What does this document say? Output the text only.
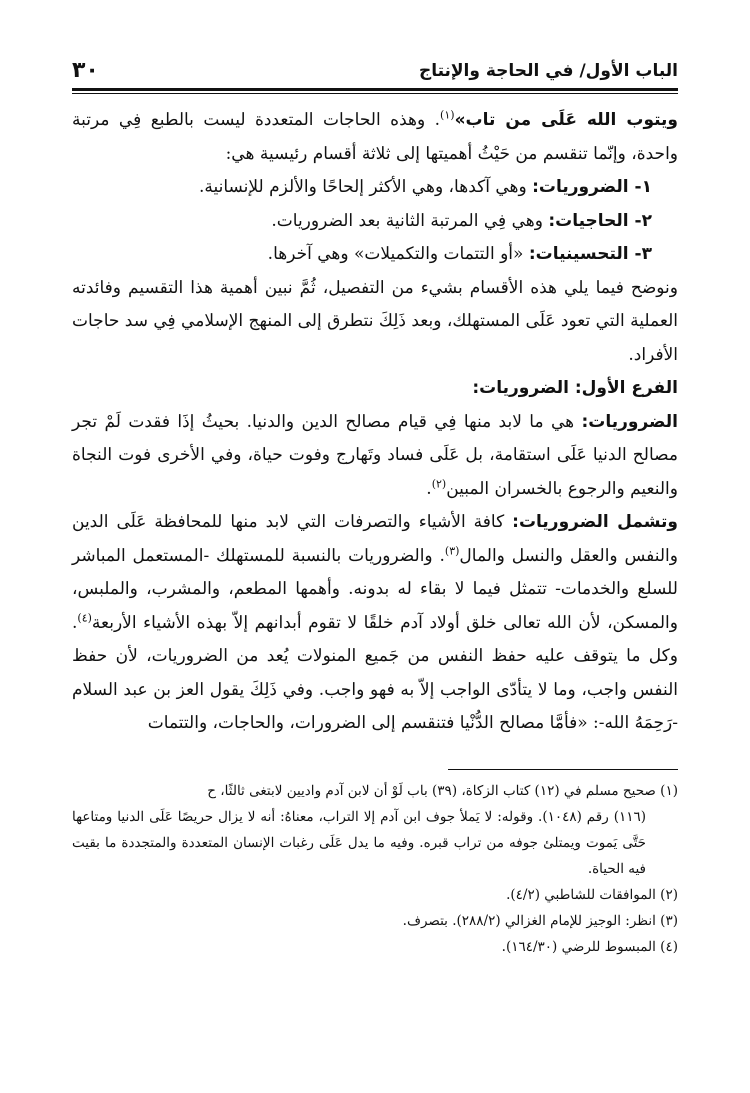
الباب الأول/ في الحاجة والإنتاج
٣٠

ويتوب الله عَلَى من تاب»$^{(١)}$. وهذه الحاجات المتعددة ليست بالطبع فِي مرتبة واحدة، وإنّما تنقسم من حَيْثُ أهميتها إلى ثلاثة أقسام رئيسية هي:

١- الضروريات: وهي آكدها، وهي الأكثر إلحاحًا والألزم للإنسانية.

٢- الحاجيات: وهي فِي المرتبة الثانية بعد الضروريات.

٣- التحسينيات: «أو التتمات والتكميلات» وهي آخرها.

ونوضح فيما يلي هذه الأقسام بشيء من التفصيل، ثُمَّ نبين أهمية هذا التقسيم وفائدته العملية التي تعود عَلَى المستهلك، وبعد ذَلِكَ نتطرق إلى المنهج الإسلامي فِي سد حاجات الأفراد.

الفرع الأول: الضروريات:

الضروريات: هي ما لابد منها فِي قيام مصالح الدين والدنيا. بحيثُ إذَا فقدت لَمْ تجر مصالح الدنيا عَلَى استقامة، بل عَلَى فساد وتَهارج وفوت حياة، وفي الأخرى فوت النجاة والنعيم والرجوع بالخسران المبين$^{(٢)}$.

وتشمل الضروريات: كافة الأشياء والتصرفات التي لابد منها للمحافظة عَلَى الدين والنفس والعقل والنسل والمال$^{(٣)}$. والضروريات بالنسبة للمستهلك -المستعمل المباشر للسلع والخدمات- تتمثل فيما لا بقاء له بدونه. وأهمها المطعم، والمشرب، والملبس، والمسكن، لأن الله تعالى خلق أولاد آدم خلقًا لا تقوم أبدانهم إلاّ بهذه الأشياء الأربعة$^{(٤)}$. وكل ما يتوقف عليه حفظ النفس من جَميع المنولات يُعد من الضروريات، لأن حفظ النفس واجب، وما لا يتأدّى الواجب إلاّ به فهو واجب. وفي ذَلِكَ يقول العز بن عبد السلام -رَحِمَهُ الله-: «فأمَّا مصالح الدُّنْيا فتنقسم إلى الضرورات، والحاجات، والتتمات

(١) صحيح مسلم في (١٢) كتاب الزكاة، (٣٩) باب لَوْ أن لابن آدم واديين لابتغى ثالثًا، ح

(١١٦) رقم (١٠٤٨). وقوله: لا يَملأ جوف ابن آدم إلا التراب، معناهُ: أنه لا يزال حريصًا عَلَى الدنيا ومتاعها حَتَّى يَموت ويمتلئ جوفه من تراب قبره. وفيه ما يدل عَلَى رغبات الإنسان المتعددة والمتجددة ما بقيت فيه الحياة.

(٢) الموافقات للشاطبي (٤/٢).

(٣) انظر: الوجيز للإمام الغزالي (٢٨٨/٢). بتصرف.

(٤) المبسوط للرضي (١٦٤/٣٠).
